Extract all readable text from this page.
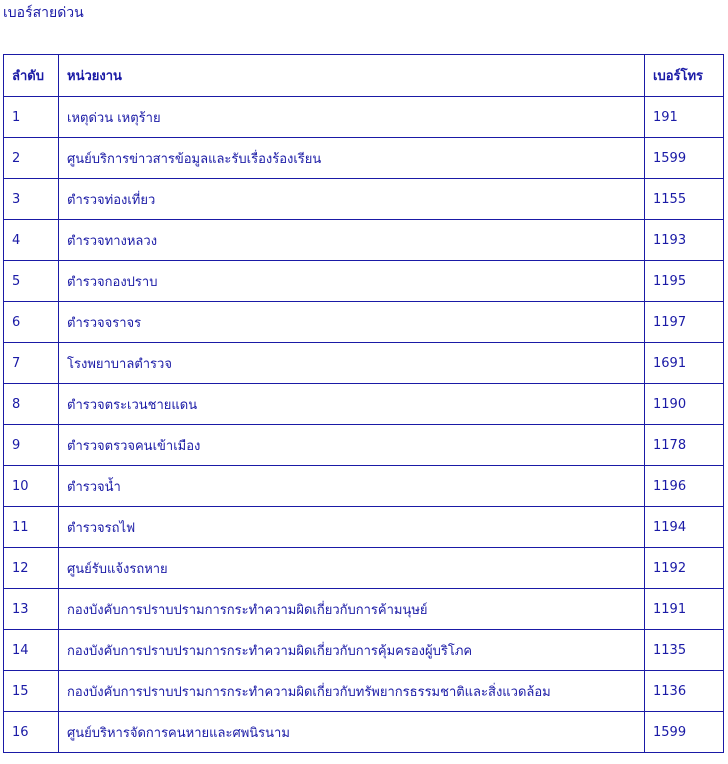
เบอร์สายด่วน
ลำดับ	หน่วยงาน	เบอร์โทร
1	เหตุด่วน เหตุร้าย	191
2	ศูนย์บริการข่าวสารข้อมูลและรับเรื่องร้องเรียน	1599
3	ตำรวจท่องเที่ยว	1155
4	ตำรวจทางหลวง	1193
5	ตำรวจกองปราบ	1195
6	ตำรวจจราจร	1197
7	โรงพยาบาลตำรวจ	1691
8	ตำรวจตระเวนชายแดน	1190
9	ตำรวจตรวจคนเข้าเมือง	1178
10	ตำรวจน้ำ	1196
11	ตำรวจรถไฟ	1194
12	ศูนย์รับแจ้งรถหาย	1192
13	กองบังคับการปราบปรามการกระทำความผิดเกี่ยวกับการค้ามนุษย์	1191
14	กองบังคับการปราบปรามการกระทำความผิดเกี่ยวกับการคุ้มครองผู้บริโภค	1135
15	กองบังคับการปราบปรามการกระทำความผิดเกี่ยวกับทรัพยากรธรรมชาติและสิ่งแวดล้อม	1136
16	ศูนย์บริหารจัดการคนหายและศพนิรนาม	1599
